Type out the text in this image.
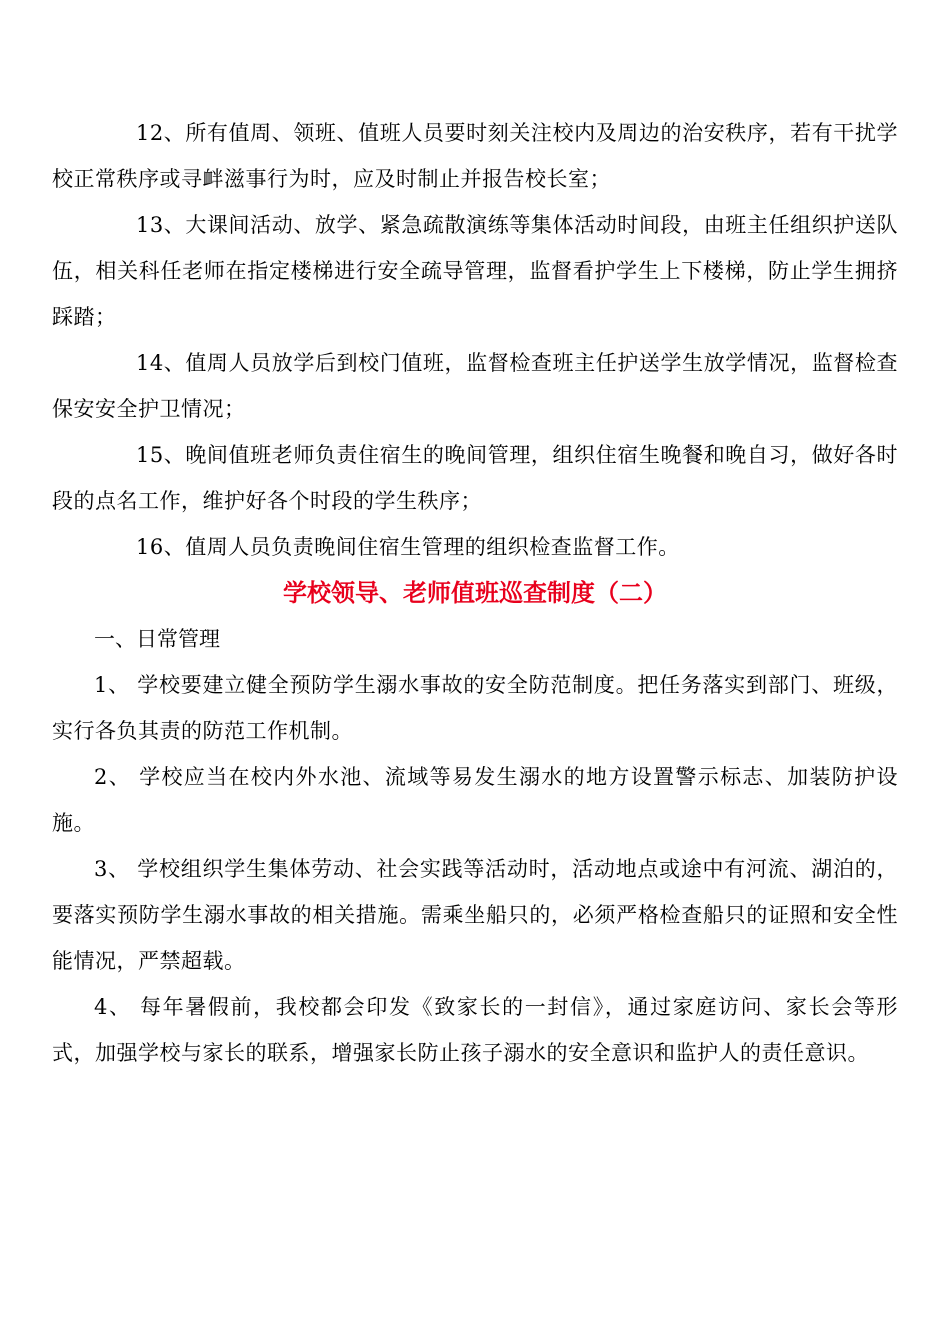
12、所有值周、领班、值班人员要时刻关注校内及周边的治安秩序，若有干扰学校正常秩序或寻衅滋事行为时，应及时制止并报告校长室；

13、大课间活动、放学、紧急疏散演练等集体活动时间段，由班主任组织护送队伍，相关科任老师在指定楼梯进行安全疏导管理，监督看护学生上下楼梯，防止学生拥挤踩踏；

14、值周人员放学后到校门值班，监督检查班主任护送学生放学情况，监督检查保安安全护卫情况；

15、晚间值班老师负责住宿生的晚间管理，组织住宿生晚餐和晚自习，做好各时段的点名工作，维护好各个时段的学生秩序；

16、值周人员负责晚间住宿生管理的组织检查监督工作。

学校领导、老师值班巡查制度（二）

一、日常管理

1、 学校要建立健全预防学生溺水事故的安全防范制度。把任务落实到部门、班级，实行各负其责的防范工作机制。

2、 学校应当在校内外水池、流域等易发生溺水的地方设置警示标志、加装防护设施。

3、 学校组织学生集体劳动、社会实践等活动时，活动地点或途中有河流、湖泊的，要落实预防学生溺水事故的相关措施。需乘坐船只的，必须严格检查船只的证照和安全性能情况，严禁超载。

4、 每年暑假前，我校都会印发《致家长的一封信》，通过家庭访问、家长会等形式，加强学校与家长的联系，增强家长防止孩子溺水的安全意识和监护人的责任意识。
